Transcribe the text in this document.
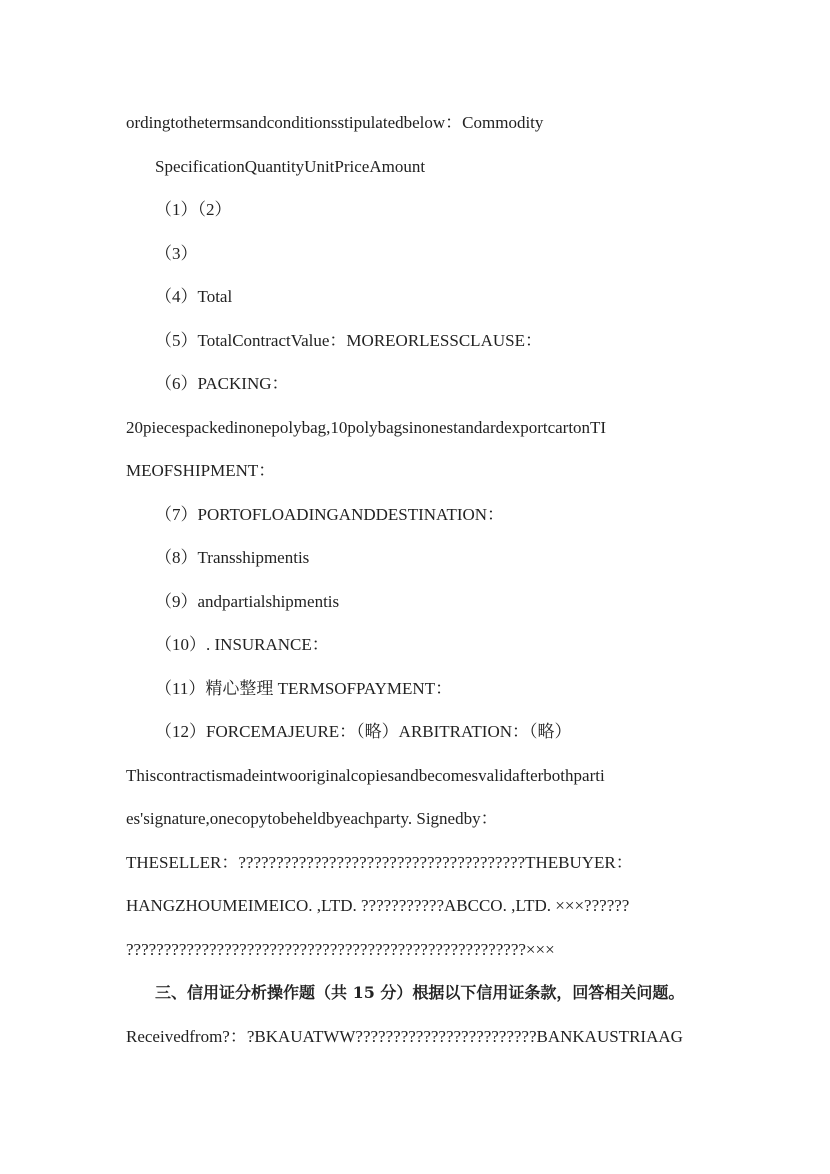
ordingtothetermsandconditionsstipulatedbelow：Commodity
SpecificationQuantityUnitPriceAmount
（1）（2）
（3）
（4）Total
（5）TotalContractValue：MOREORLESSCLAUSE：
（6）PACKING：
20piecespackedinonepolybag,10polybagsinonestandardexportcartonTI
MEOFSHIPMENT：
（7）PORTOFLOADINGANDDESTINATION：
（8）Transshipmentis
（9）andpartialshipmentis
（10）. INSURANCE：
（11）精心整理 TERMSOFPAYMENT：
（12）FORCEMAJEURE：（略）ARBITRATION：（略）
Thiscontractismadeintwooriginalcopiesandbecomesvalidafterbothparti
es'signature,onecopytobeheldbyeachparty. Signedby：
THESELLER：??????????????????????????????????????THEBUYER：
HANGZHOUMEIMEICO. ,LTD. ???????????ABCCO. ,LTD. ×××??????
?????????????????????????????????????????????????????×××
三、信用证分析操作题（共 15 分）根据以下信用证条款，回答相关问题。
Receivedfrom?：?BKAUATWW????????????????????????BANKAUSTRIAAG
